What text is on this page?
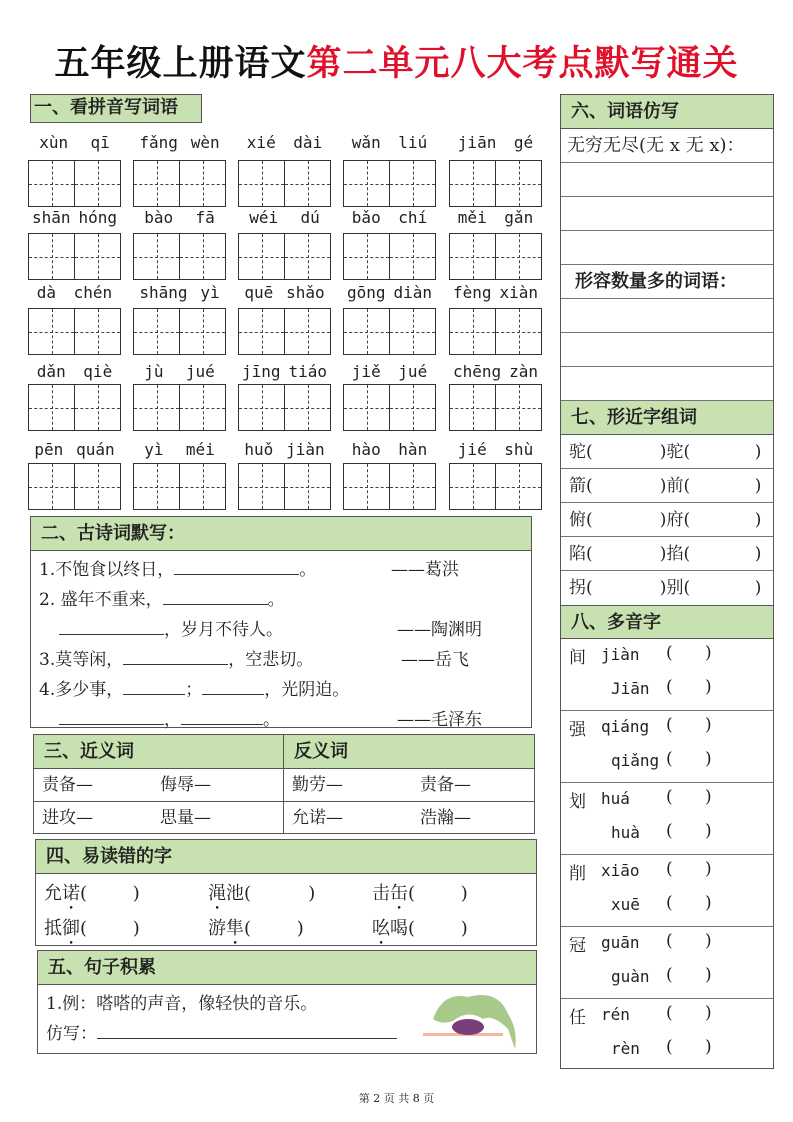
五年级上册语文第二单元八大考点默写通关
一、看拼音写词语
xùn qī fǎng wèn xié dài wǎn liú jiān gé
shān hóng bào fā wéi dú bǎo chí měi gǎn
dà chén shāng yì quē shǎo gōng diàn fèng xiàn
dǎn qiè jù jué jīng tiáo jiě jué chēng zàn
pēn quán yì méi huǒ jiàn hào hàn jié shù
二、古诗词默写：
1.不饱食以终日，	。	——葛洪
2. 盛年不重来，	。
，岁月不待人。	——陶渊明
3.莫等闲，	，空悲切。	——岳飞
4.多少事，	；	，光阴迫。
，	。	——毛泽东
三、近义词
责备—	侮辱—
进攻—	思量—
反义词
勤劳—	责备—
允诺—	浩瀚—
四、易读错的字
允诺(        )	渑池(          )	击缶(        )
抵御(        )	游隼(        )	吆喝(        )
五、句子积累
1.例：嗒嗒的声音，像轻快的音乐。
仿写：
六、词语仿写
无穷无尽(无 x 无 x)：
形容数量多的词语：
七、形近字组词
驼(	)驼(	)
箭(	)前(	)
俯(	)府(	)
陷(	)掐(	)
拐(	)别(	)
八、多音字
间 jiàn (      )
Jiān (      )
强 qiáng (      )
qiǎng (      )
划 huá (      )
huà (      )
削 xiāo (      )
xuē (      )
冠 guān (      )
guàn (      )
任 rén (      )
rèn (      )
第 2 页 共 8 页
